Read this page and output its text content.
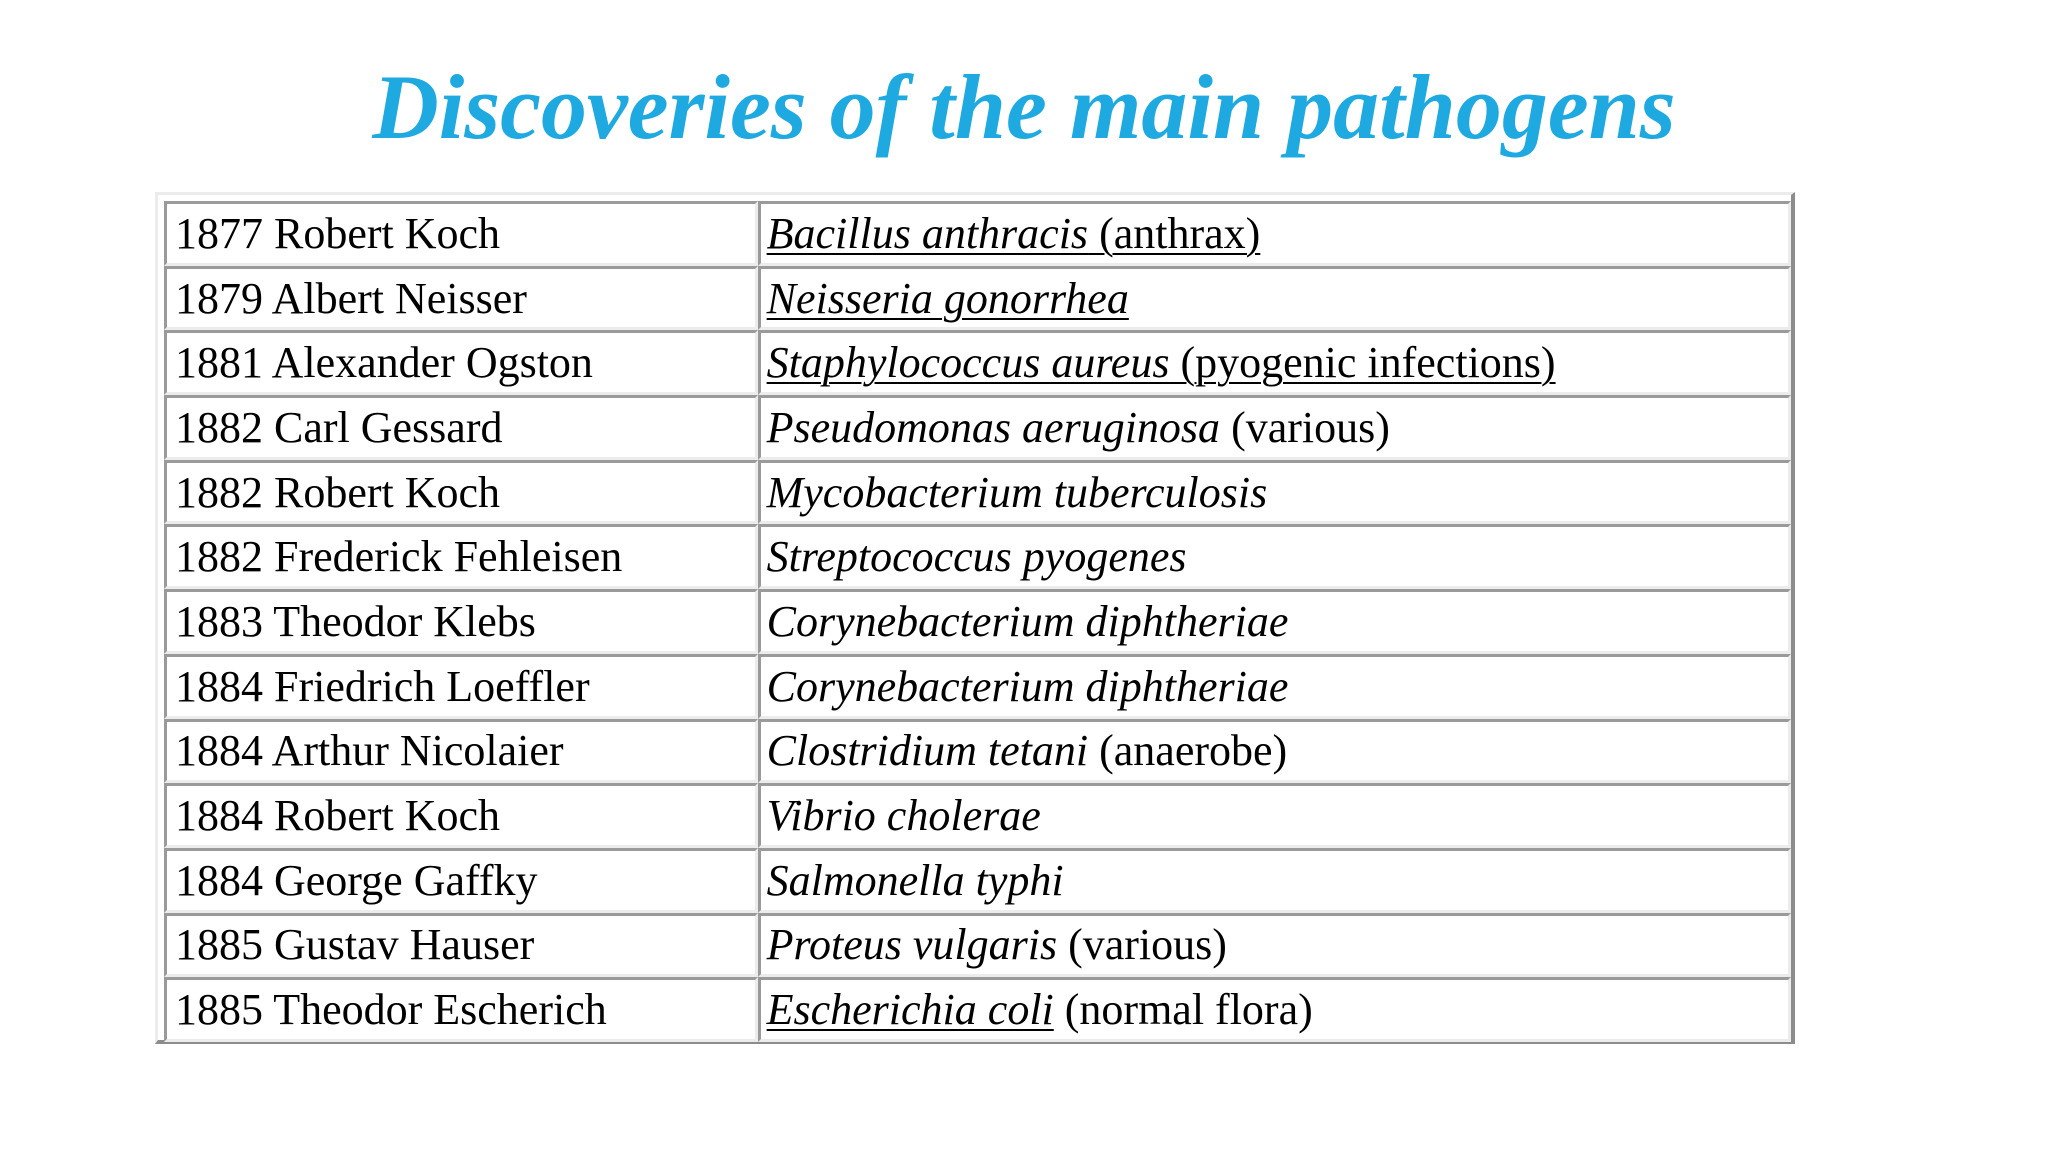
Discoveries of the main pathogens
1877 Robert Koch	Bacillus anthracis (anthrax)
1879 Albert Neisser	Neisseria gonorrhea
1881 Alexander Ogston	Staphylococcus aureus (pyogenic infections)
1882 Carl Gessard	Pseudomonas aeruginosa (various)
1882 Robert Koch	Mycobacterium tuberculosis
1882 Frederick Fehleisen	Streptococcus pyogenes
1883 Theodor Klebs	Corynebacterium diphtheriae
1884 Friedrich Loeffler	Corynebacterium diphtheriae
1884 Arthur Nicolaier	Clostridium tetani (anaerobe)
1884 Robert Koch	Vibrio cholerae
1884 George Gaffky	Salmonella typhi
1885 Gustav Hauser	Proteus vulgaris (various)
1885 Theodor Escherich	Escherichia coli (normal flora)
